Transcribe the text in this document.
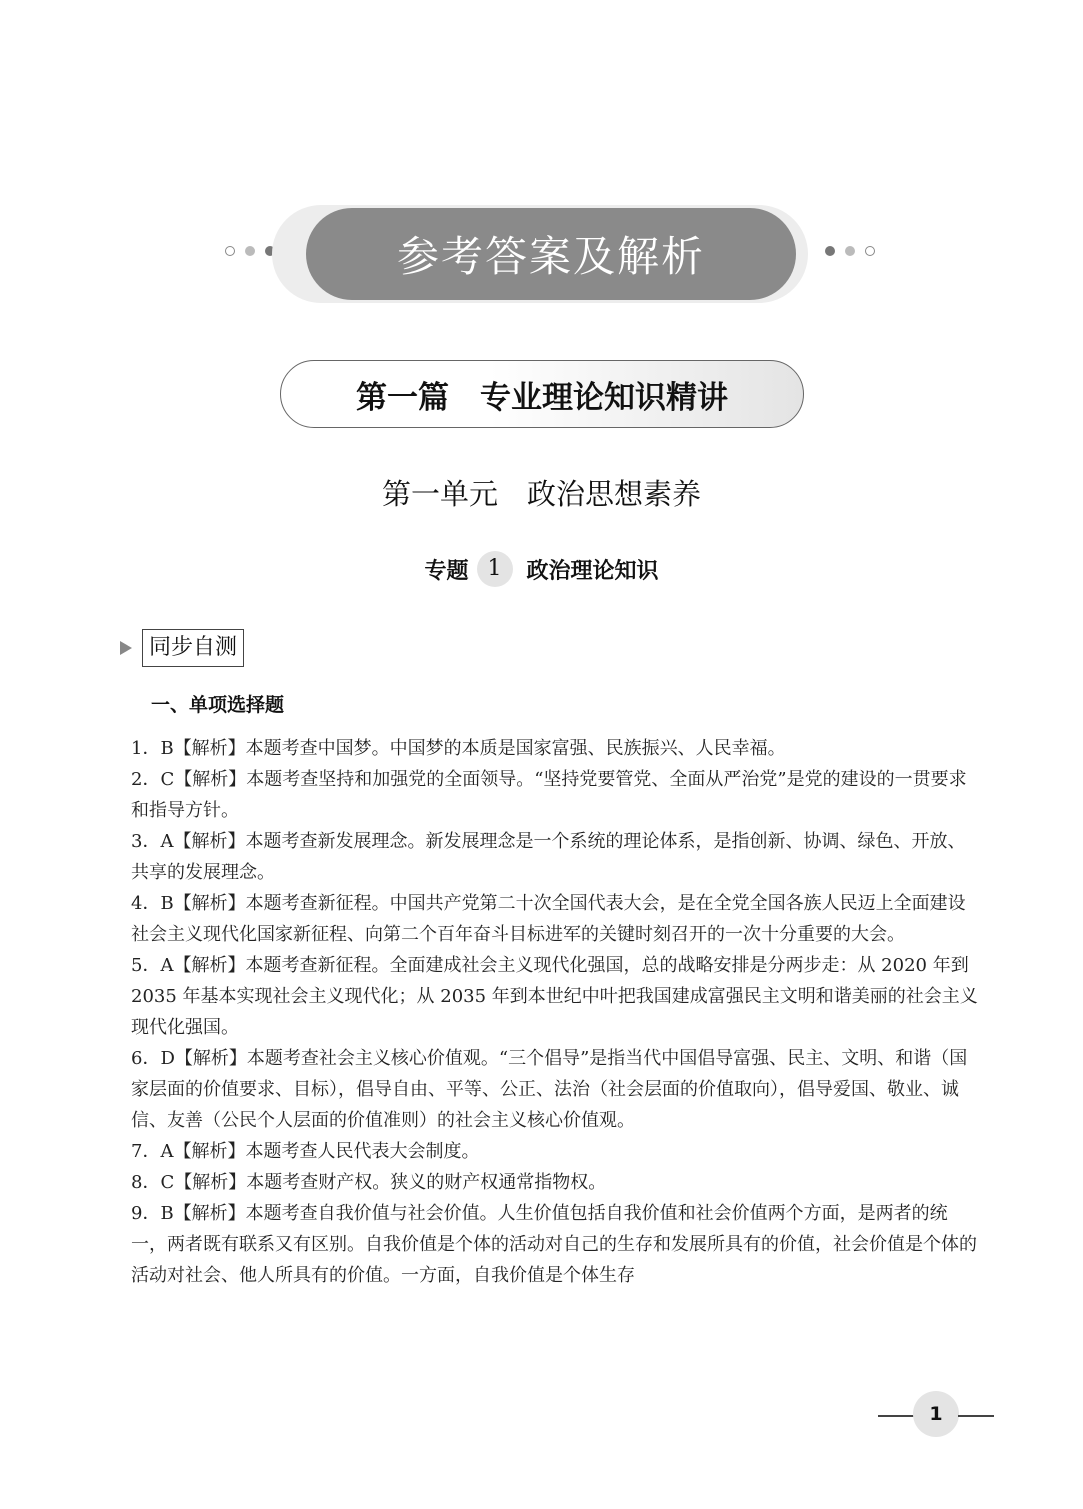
参考答案及解析
第一篇　专业理论知识精讲
第一单元　政治思想素养
专题 1	政治理论知识
同步自测
一、单项选择题

1．B【解析】本题考查中国梦。中国梦的本质是国家富强、民族振兴、人民幸福。

2．C【解析】本题考查坚持和加强党的全面领导。“坚持党要管党、全面从严治党”是党的建设的一贯要求和指导方针。

3．A【解析】本题考查新发展理念。新发展理念是一个系统的理论体系，是指创新、协调、绿色、开放、共享的发展理念。

4．B【解析】本题考查新征程。中国共产党第二十次全国代表大会，是在全党全国各族人民迈上全面建设社会主义现代化国家新征程、向第二个百年奋斗目标进军的关键时刻召开的一次十分重要的大会。

5．A【解析】本题考查新征程。全面建成社会主义现代化强国，总的战略安排是分两步走：从 2020 年到 2035 年基本实现社会主义现代化；从 2035 年到本世纪中叶把我国建成富强民主文明和谐美丽的社会主义现代化强国。

6．D【解析】本题考查社会主义核心价值观。“三个倡导”是指当代中国倡导富强、民主、文明、和谐（国家层面的价值要求、目标），倡导自由、平等、公正、法治（社会层面的价值取向），倡导爱国、敬业、诚信、友善（公民个人层面的价值准则）的社会主义核心价值观。

7．A【解析】本题考查人民代表大会制度。

8．C【解析】本题考查财产权。狭义的财产权通常指物权。

9．B【解析】本题考查自我价值与社会价值。人生价值包括自我价值和社会价值两个方面，是两者的统一，两者既有联系又有区别。自我价值是个体的活动对自己的生存和发展所具有的价值，社会价值是个体的活动对社会、他人所具有的价值。一方面，自我价值是个体生存

1
